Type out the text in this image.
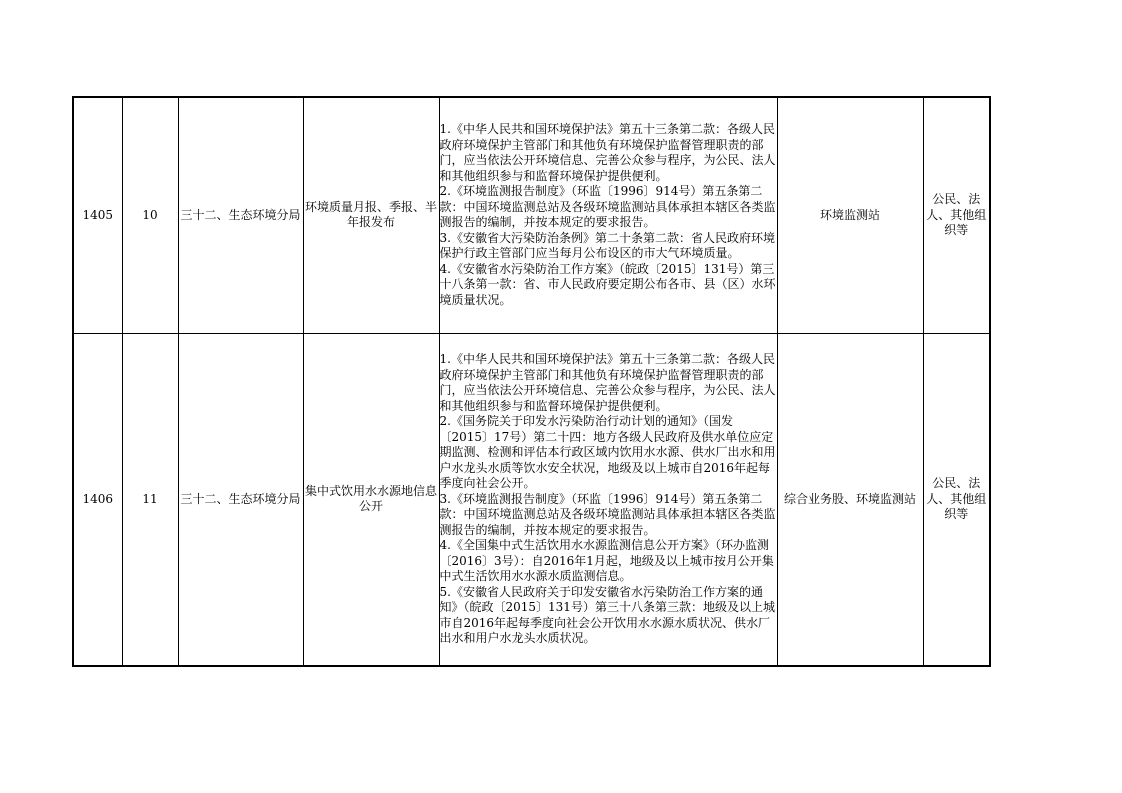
1405	10	三十二、生态环境分局	环境质量月报、季报、半年报发布	1.《中华人民共和国环境保护法》第五十三条第二款：各级人民政府环境保护主管部门和其他负有环境保护监督管理职责的部门，应当依法公开环境信息、完善公众参与程序，为公民、法人和其他组织参与和监督环境保护提供便利。
2.《环境监测报告制度》（环监〔1996〕914号）第五条第二款：中国环境监测总站及各级环境监测站具体承担本辖区各类监测报告的编制，并按本规定的要求报告。
3.《安徽省大污染防治条例》第二十条第二款：省人民政府环境保护行政主管部门应当每月公布设区的市大气环境质量。
4.《安徽省水污染防治工作方案》（皖政〔2015〕131号）第三十八条第一款：省、市人民政府要定期公布各市、县（区）水环境质量状况。	环境监测站	公民、法人、其他组织等
1406	11	三十二、生态环境分局	集中式饮用水水源地信息公开	1.《中华人民共和国环境保护法》第五十三条第二款：各级人民政府环境保护主管部门和其他负有环境保护监督管理职责的部门，应当依法公开环境信息、完善公众参与程序，为公民、法人和其他组织参与和监督环境保护提供便利。
2.《国务院关于印发水污染防治行动计划的通知》（国发〔2015〕17号）第二十四：地方各级人民政府及供水单位应定期监测、检测和评估本行政区域内饮用水水源、供水厂出水和用户水龙头水质等饮水安全状况，地级及以上城市自2016年起每季度向社会公开。
3.《环境监测报告制度》（环监〔1996〕914号）第五条第二款：中国环境监测总站及各级环境监测站具体承担本辖区各类监测报告的编制，并按本规定的要求报告。
4.《全国集中式生活饮用水水源监测信息公开方案》（环办监测〔2016〕3号）：自2016年1月起，地级及以上城市按月公开集中式生活饮用水水源水质监测信息。
5.《安徽省人民政府关于印发安徽省水污染防治工作方案的通知》（皖政〔2015〕131号）第三十八条第三款：地级及以上城市自2016年起每季度向社会公开饮用水水源水质状况、供水厂出水和用户水龙头水质状况。	综合业务股、环境监测站	公民、法人、其他组织等
